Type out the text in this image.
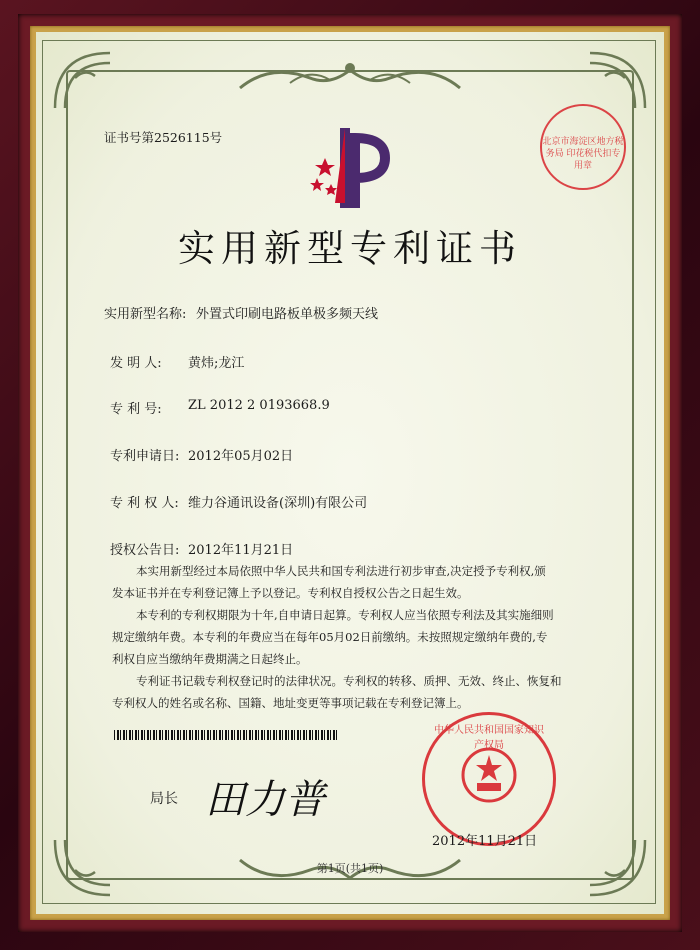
证书号第2526115号	北京市海淀区地方税务局 印花税代扣专用章
实用新型专利证书
实用新型名称: 外置式印刷电路板单极多频天线
发 明 人: 黄炜;龙江
专 利 号: ZL 2012 2 0193668.9
专利申请日: 2012年05月02日
专 利 权 人: 维力谷通讯设备(深圳)有限公司
授权公告日: 2012年11月21日
本实用新型经过本局依照中华人民共和国专利法进行初步审查,决定授予专利权,颁
发本证书并在专利登记簿上予以登记。专利权自授权公告之日起生效。
本专利的专利权期限为十年,自申请日起算。专利权人应当依照专利法及其实施细则
规定缴纳年费。本专利的年费应当在每年05月02日前缴纳。未按照规定缴纳年费的,专
利权自应当缴纳年费期满之日起终止。
专利证书记载专利权登记时的法律状况。专利权的转移、质押、无效、终止、恢复和
专利权人的姓名或名称、国籍、地址变更等事项记载在专利登记簿上。
局长 田力普
中华人民共和国国家知识产权局
2012年11月21日
第1页(共1页)
